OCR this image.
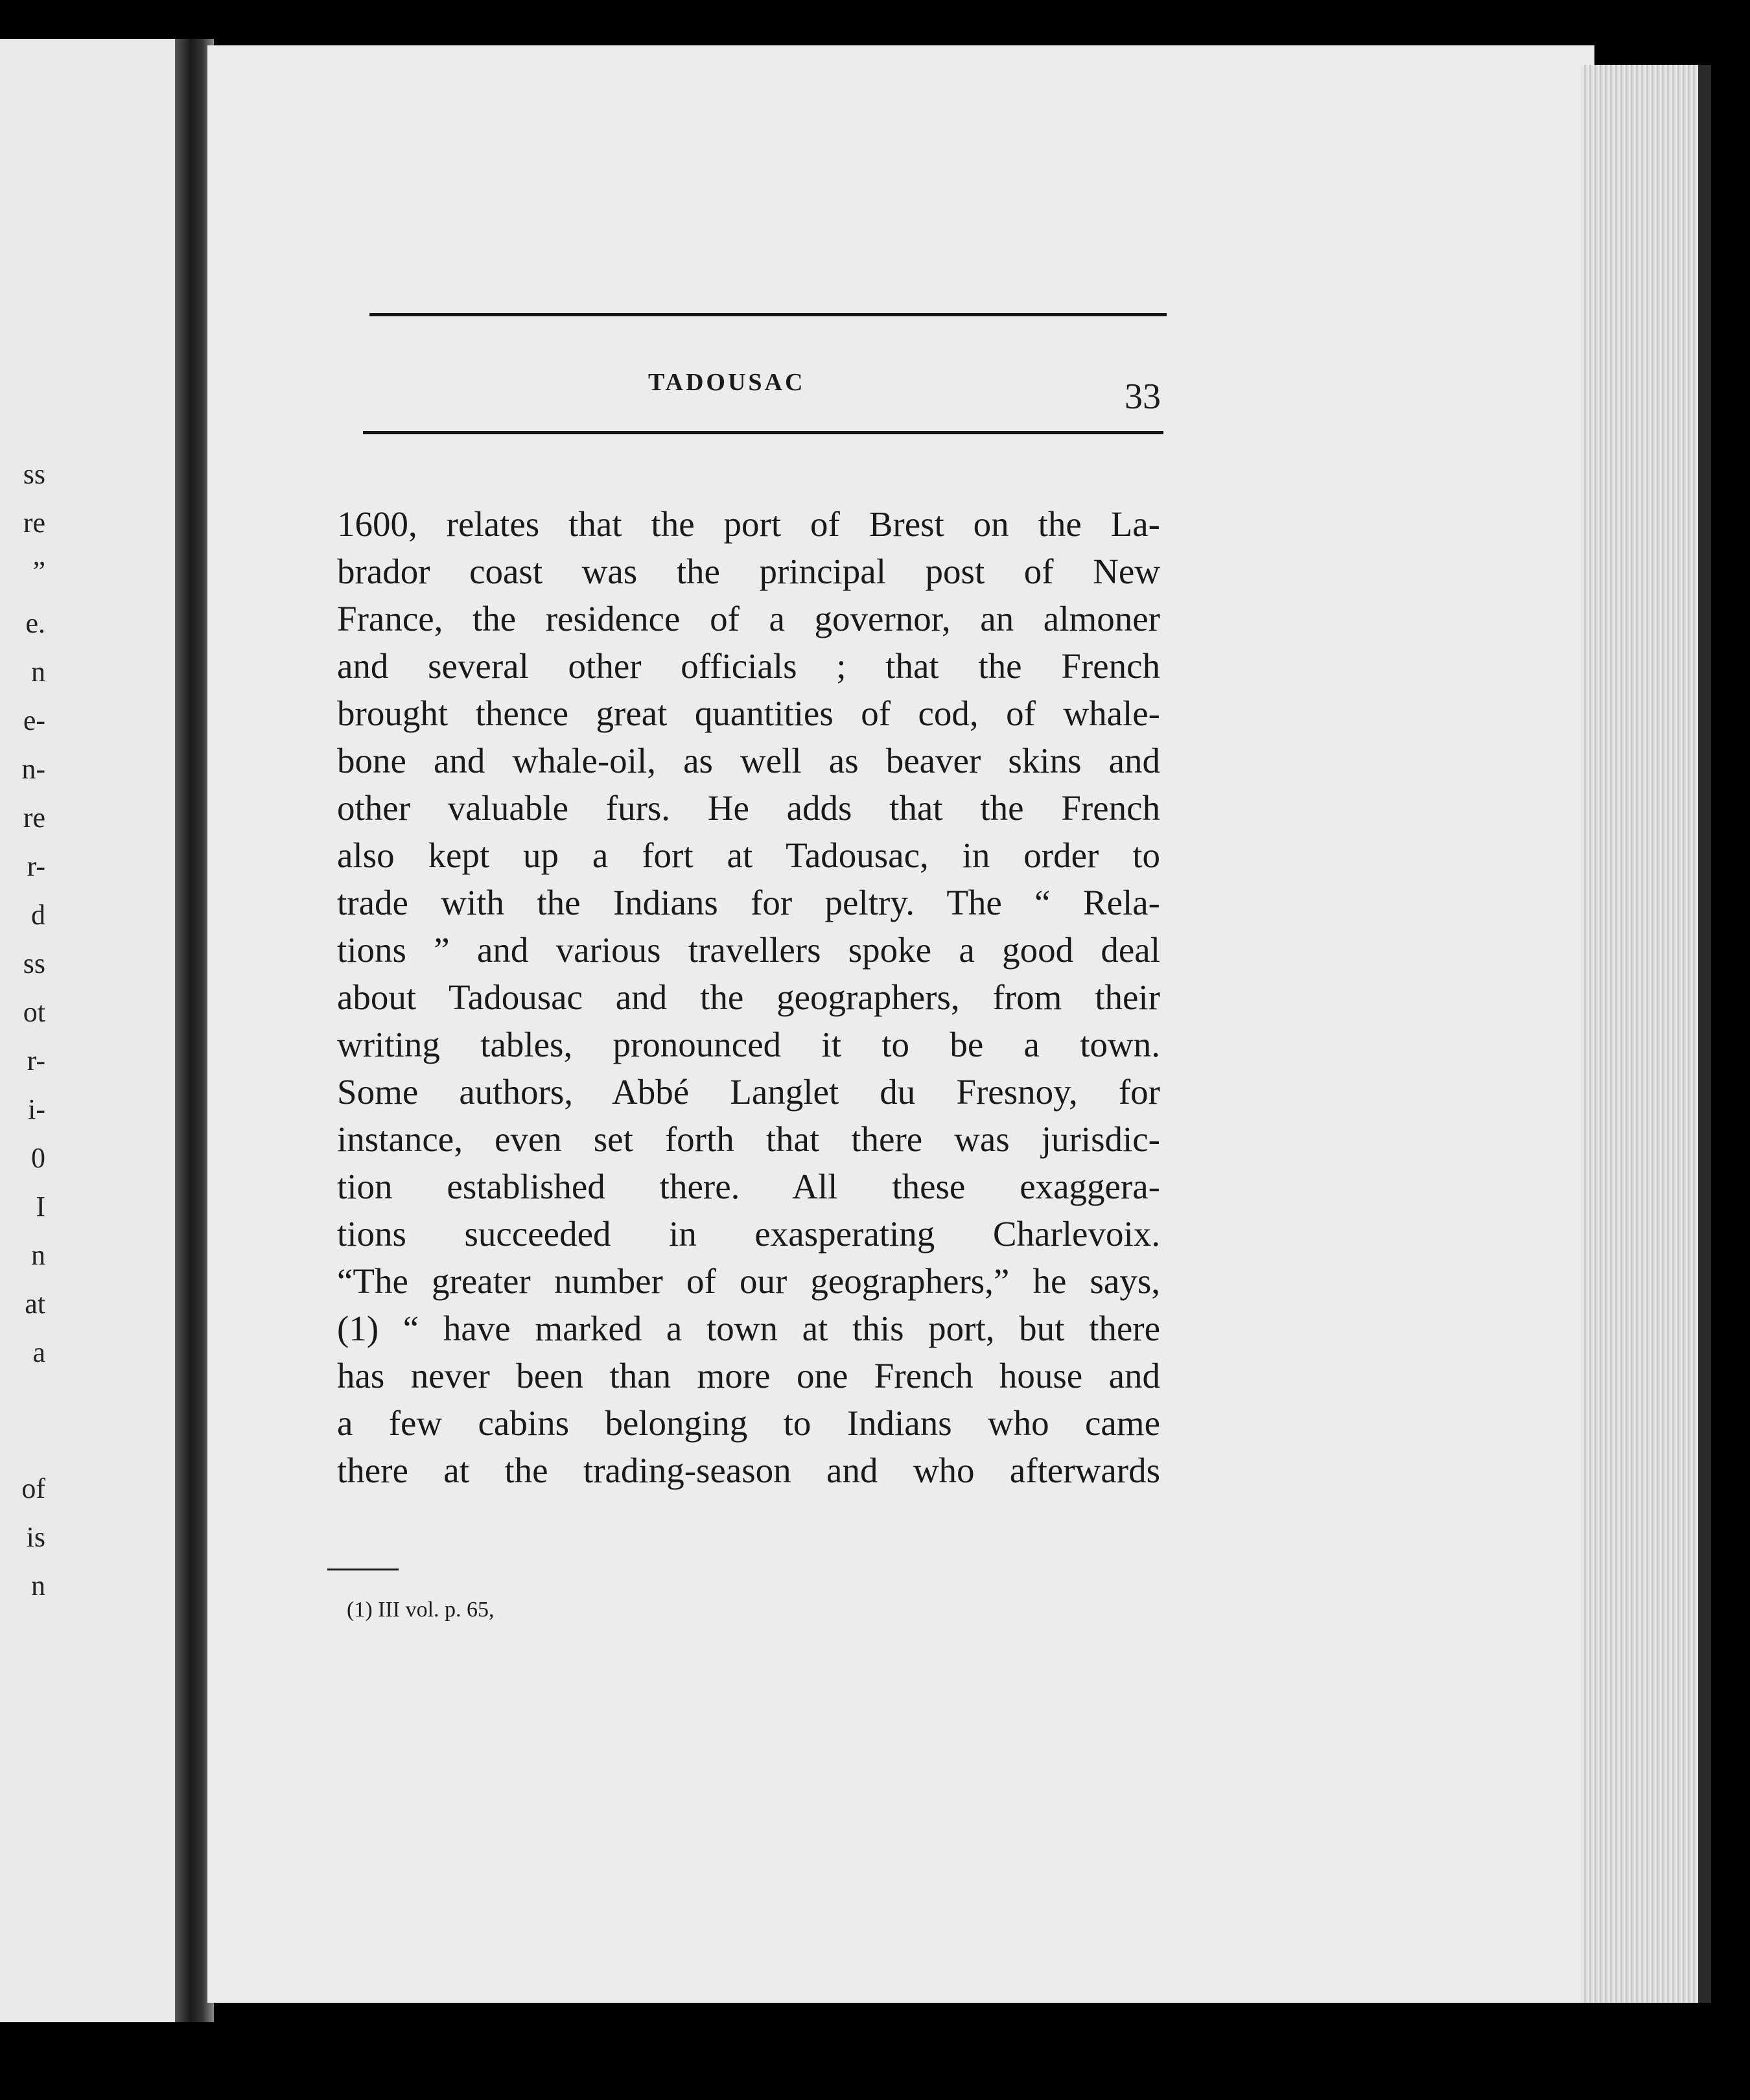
ss
re
”
e.
n
e-
n-
re
r-
d
ss
ot
r-
i-
0
I
n
at
a
of
is
n
TADOUSAC	33
1600, relates that the port of Brest on the La-
brador coast was the principal post of New
France, the residence of a governor, an almoner
and several other officials ; that the French
brought thence great quantities of cod, of whale-
bone and whale-oil, as well as beaver skins and
other valuable furs. He adds that the French
also kept up a fort at Tadousac, in order to
trade with the Indians for peltry. The “ Rela-
tions ” and various travellers spoke a good deal
about Tadousac and the geographers, from their
writing tables, pronounced it to be a town.
Some authors, Abbé Langlet du Fresnoy, for
instance, even set forth that there was jurisdic-
tion established there. All these exaggera-
tions succeeded in exasperating Charlevoix.
“The greater number of our geographers,” he says,
(1) “ have marked a town at this port, but there
has never been than more one French house and
a few cabins belonging to Indians who came
there at the trading-season and who afterwards
(1) III vol. p. 65,
